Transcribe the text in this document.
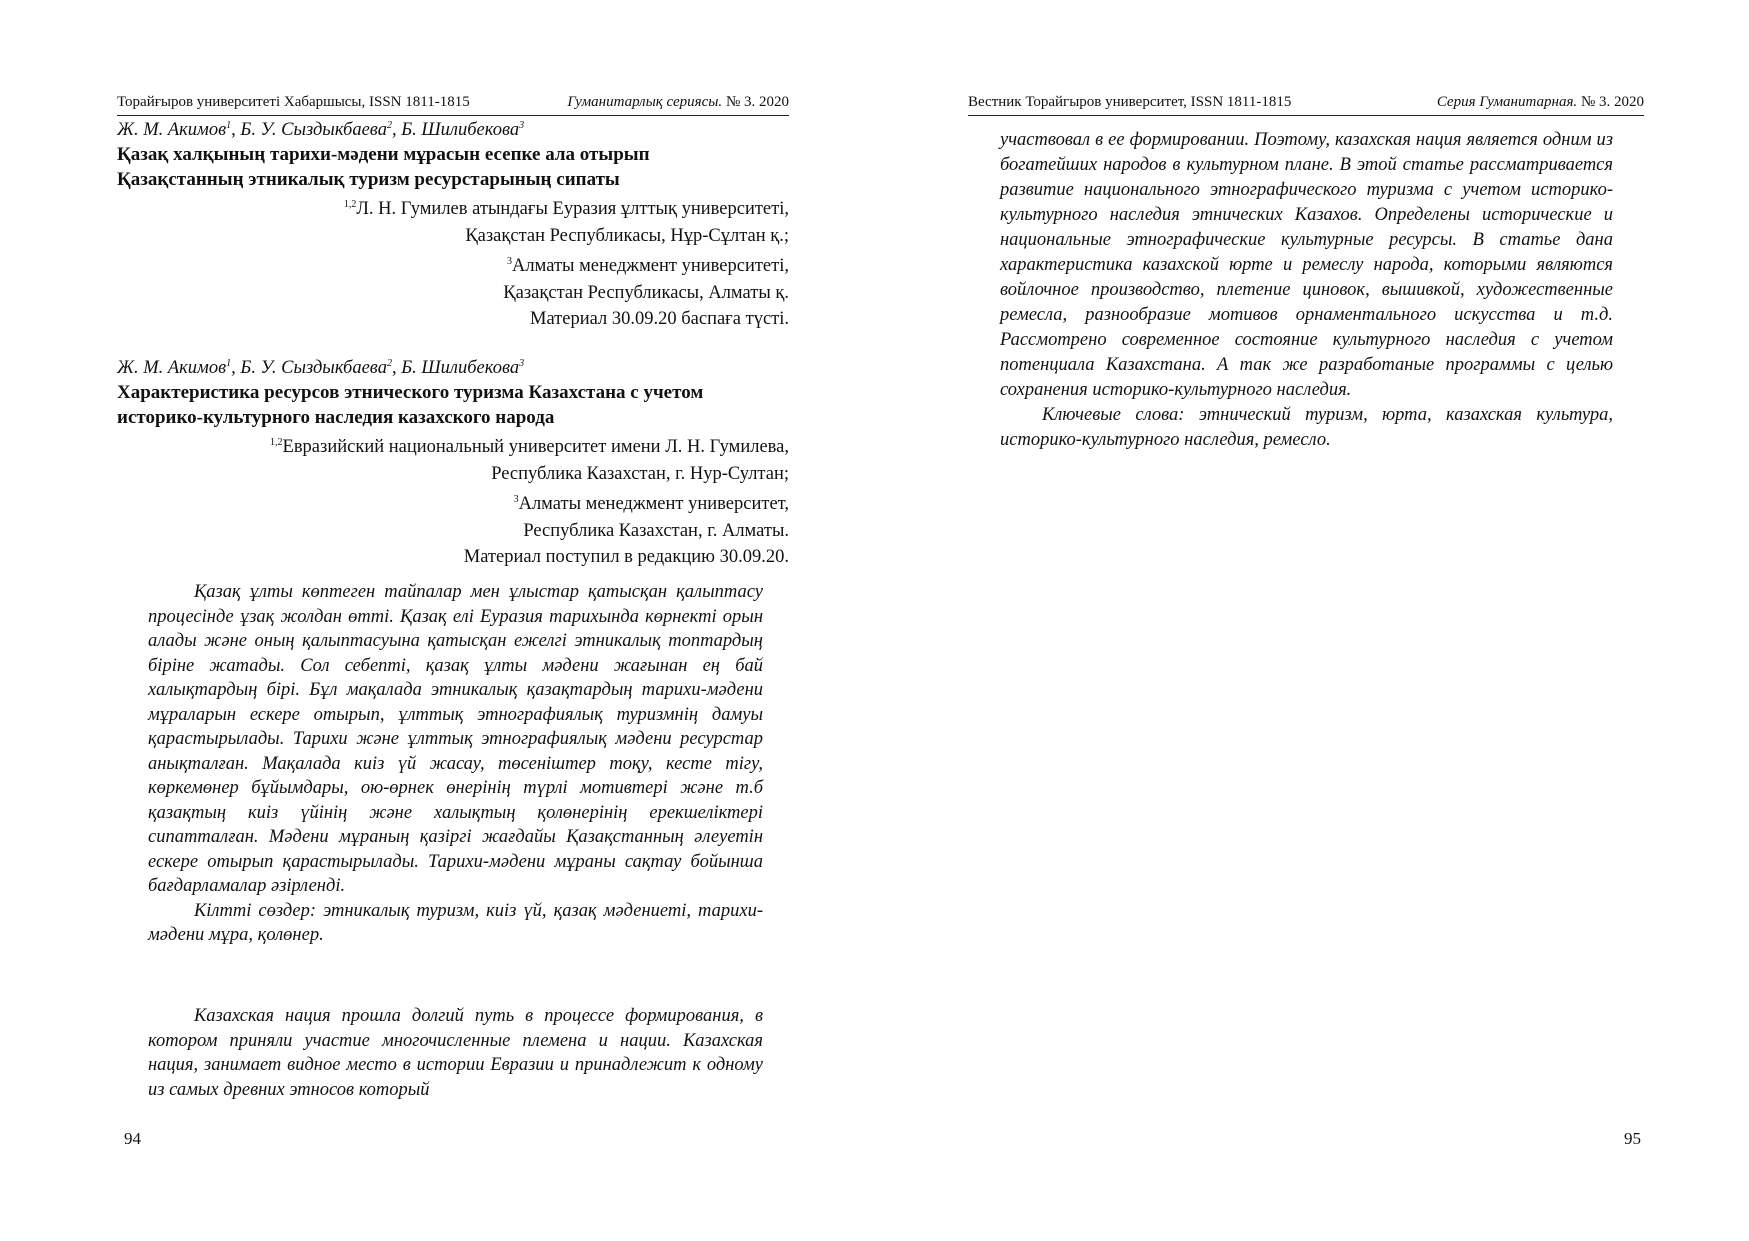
Торайғыров университеті Хабаршысы, ISSN 1811-1815	Гуманитарлық сериясы. № 3. 2020

Ж. М. Акимов$^1$, Б. У. Сыздыкбаева$^2$, Б. Шилибекова$^3$

Қазақ халқының тарихи-мәдени мұрасын есепке ала отырып
Қазақстанның этникалық туризм ресурстарының сипаты

$^{1,2}$Л. Н. Гумилев атындағы Еуразия ұлттық университеті,

Қазақстан Республикасы, Нұр-Сұлтан қ.;

$^3$Алматы менеджмент университеті,

Қазақстан Республикасы, Алматы қ.

Материал 30.09.20 баспаға түсті.

Ж. М. Акимов$^1$, Б. У. Сыздыкбаева$^2$, Б. Шилибекова$^3$

Характеристика ресурсов этнического туризма Казахстана с учетом
историко-культурного наследия казахского народа

$^{1,2}$Евразийский национальный университет имени Л. Н. Гумилева,

Республика Казахстан, г. Нур-Султан;

$^3$Алматы менеджмент университет,

Республика Казахстан, г. Алматы.

Материал поступил в редакцию 30.09.20.

Қазақ ұлты көптеген тайпалар мен ұлыстар қатысқан қалыптасу процесінде ұзақ жолдан өтті. Қазақ елі Еуразия тарихында көрнекті орын алады және оның қалыптасуына қатысқан ежелгі этникалық топтардың біріне жатады. Сол себепті, қазақ ұлты мәдени жағынан ең бай халықтардың бірі. Бұл мақалада этникалық қазақтардың тарихи-мәдени мұраларын ескере отырып, ұлттық этнографиялық туризмнің дамуы қарастырылады. Тарихи және ұлттық этнографиялық мәдени ресурстар анықталған. Мақалада киіз үй жасау, төсеніштер тоқу, кесте тігу, көркемөнер бұйымдары, ою-өрнек өнерінің түрлі мотивтері және т.б қазақтың киіз үйінің және халықтың қолөнерінің ерекшеліктері сипатталған. Мәдени мұраның қазіргі жағдайы Қазақстанның әлеуетін ескере отырып қарастырылады. Тарихи-мәдени мұраны сақтау бойынша бағдарламалар әзірленді.

Кілтті сөздер: этникалық туризм, киіз үй, қазақ мәдениеті, тарихи-мәдени мұра, қолөнер.

Казахская нация прошла долгий путь в процессе формирования, в котором приняли участие многочисленные племена и нации. Казахская нация, занимает видное место в истории Евразии и принадлежит к одному из самых древних этносов который

94
Вестник Торайгыров университет, ISSN 1811-1815	Серия Гуманитарная. № 3. 2020

участвовал в ее формировании. Поэтому, казахская нация является одним из богатейших народов в культурном плане. В этой статье рассматривается развитие национального этнографического туризма с учетом историко-культурного наследия этнических Казахов. Определены исторические и национальные этнографические культурные ресурсы. В статье дана характеристика казахской юрте и ремеслу народа, которыми являются войлочное производство, плетение циновок, вышивкой, художественные ремесла, разнообразие мотивов орнаментального искусства и т.д. Рассмотрено современное состояние культурного наследия с учетом потенциала Казахстана. А так же разработаные программы с целью сохранения историко-культурного наследия.

Ключевые слова: этнический туризм, юрта, казахская культура, историко-культурного наследия, ремесло.

95
